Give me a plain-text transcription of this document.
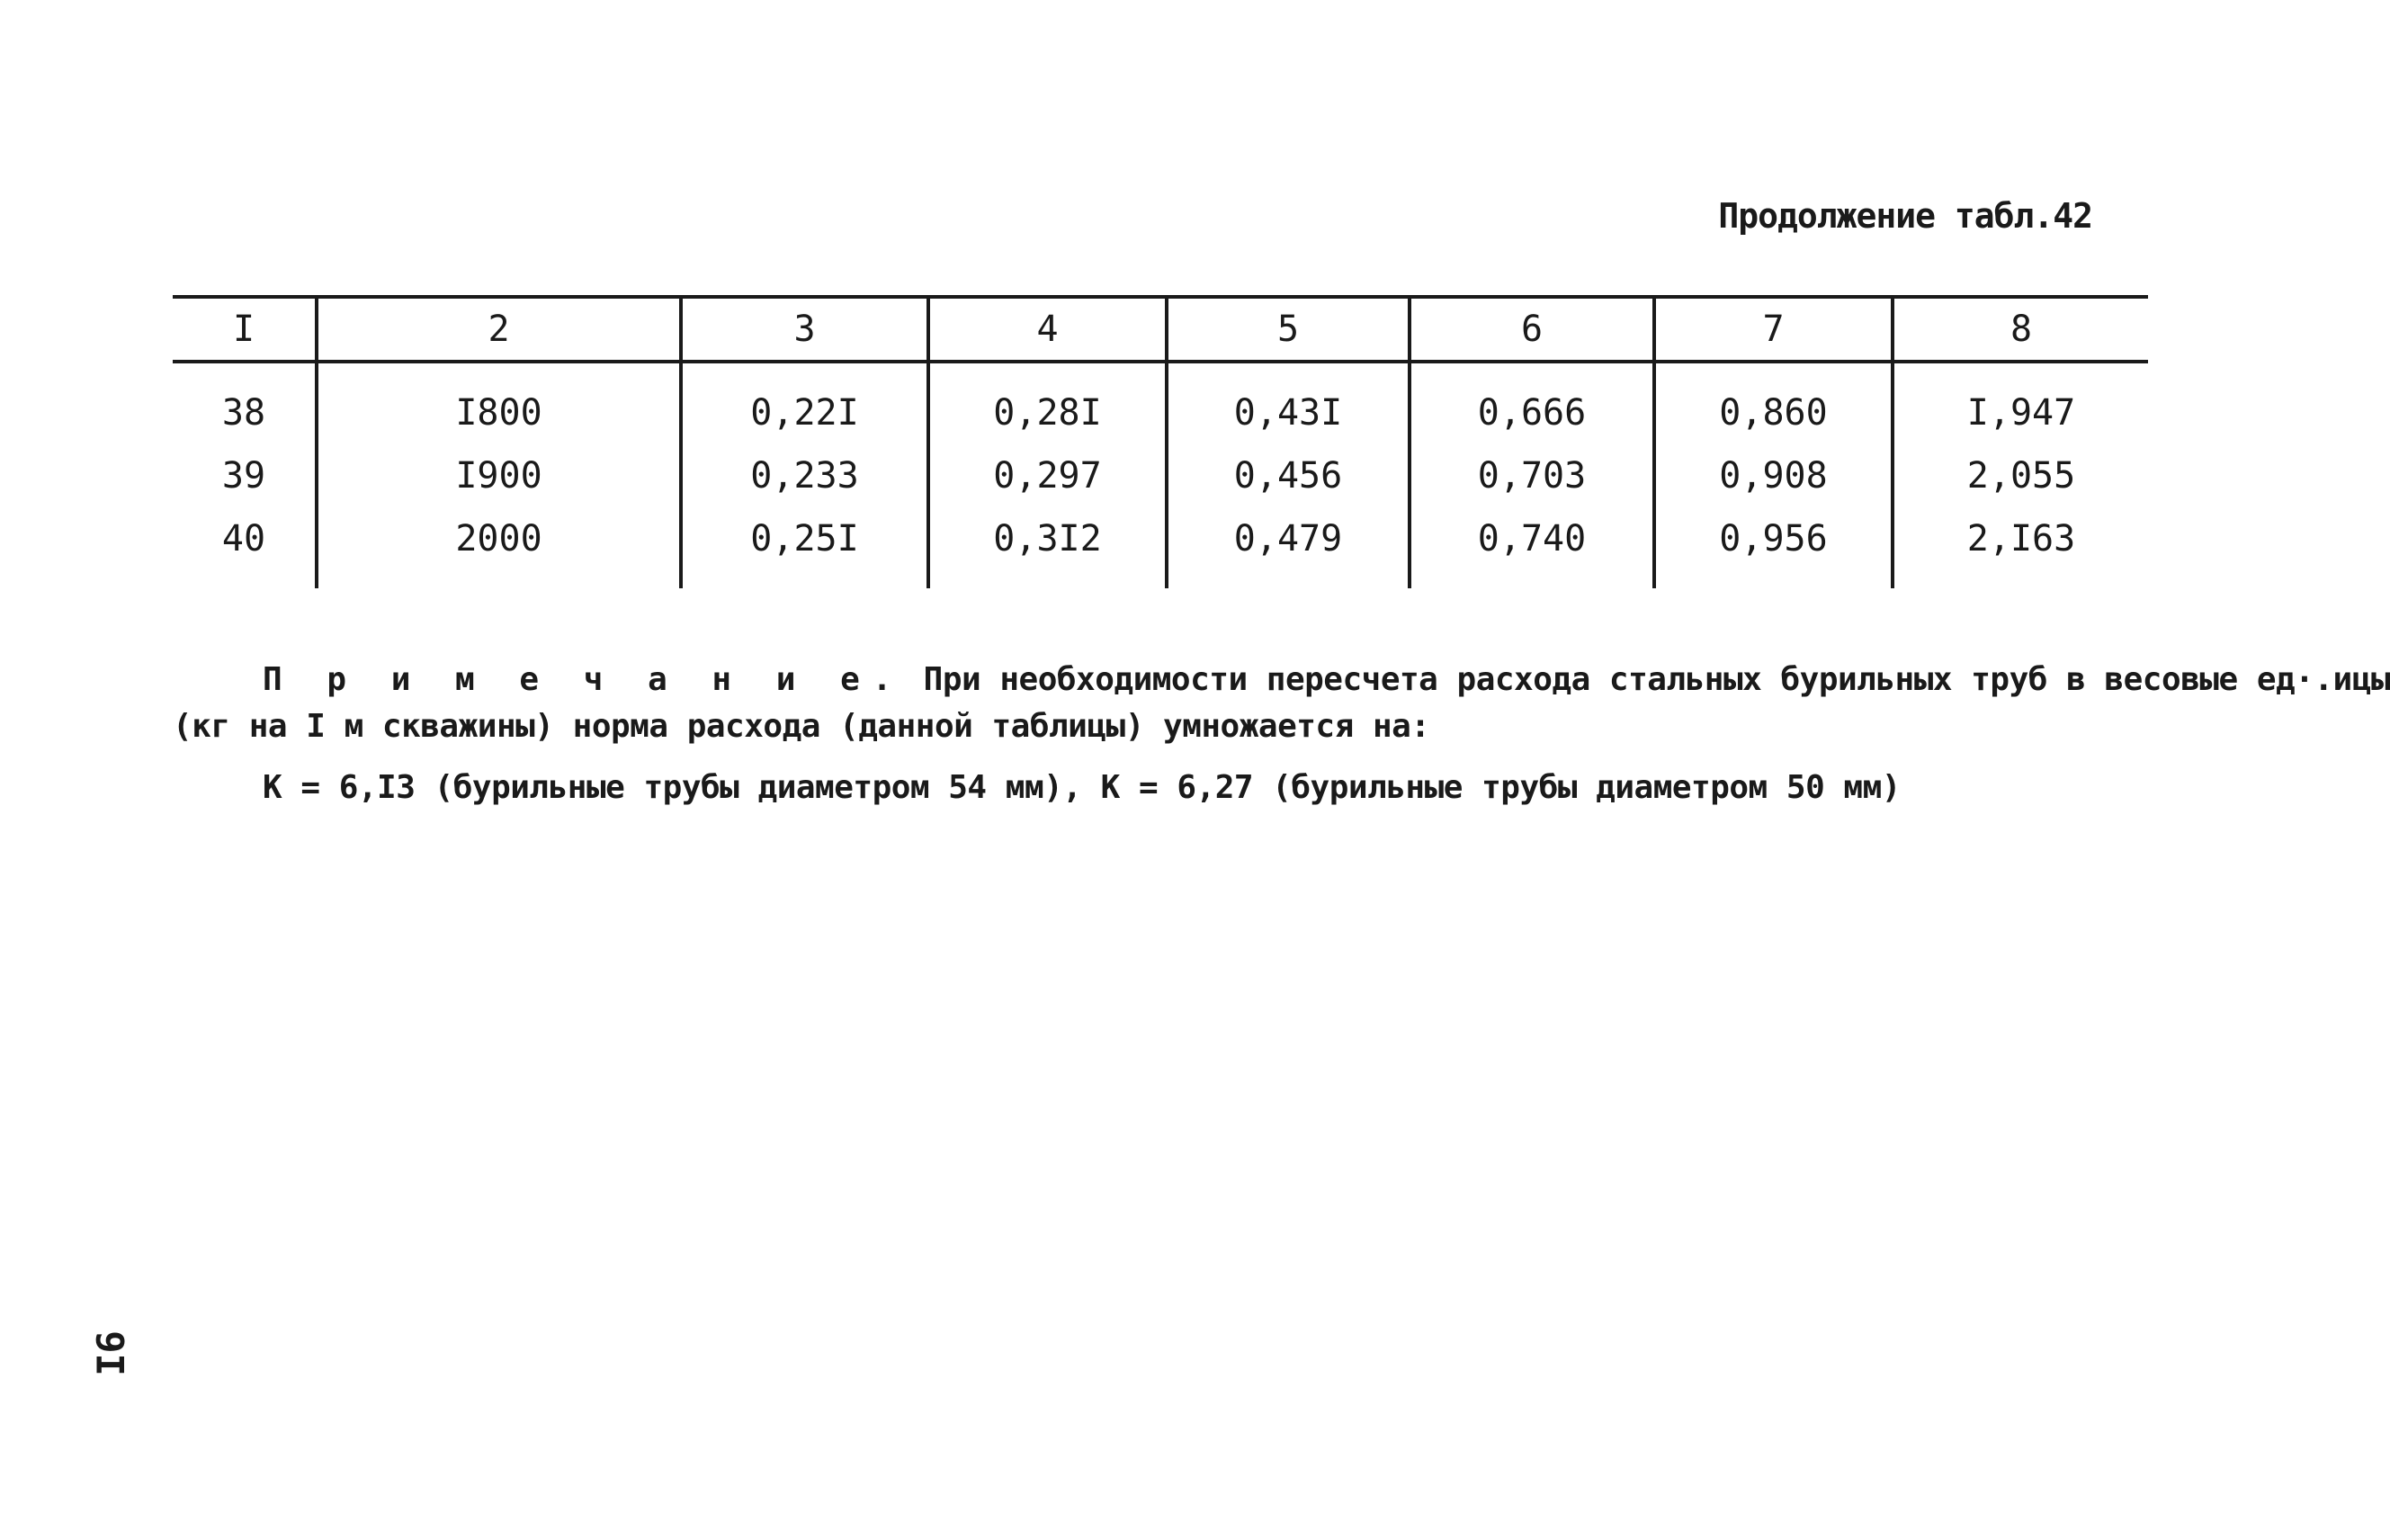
Продолжение табл.42
I	2	3	4	5	6	7	8
38	I800	0,22I	0,28I	0,43I	0,666	0,860	I,947
39	I900	0,233	0,297	0,456	0,703	0,908	2,055
40	2000	0,25I	0,3I2	0,479	0,740	0,956	2,I63
П р и м е ч а н и е. При необходимости пересчета расхода стальных бурильных труб в весовые ед·.ицы
(кг на I м скважины) норма расхода (данной таблицы) умножается на:
К = 6,I3 (бурильные трубы диаметром 54 мм), К = 6,27 (бурильные трубы диаметром 50 мм)
I6
